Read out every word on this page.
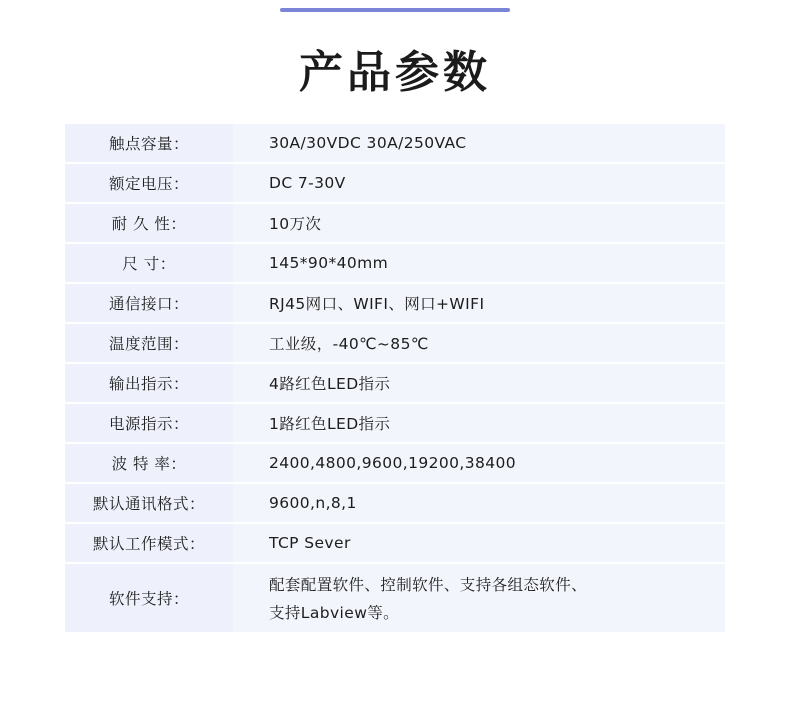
产品参数
触点容量：	30A/30VDC 30A/250VAC
额定电压：	DC 7-30V
耐 久 性：	10万次
尺 寸：	145*90*40mm
通信接口：	RJ45网口、WIFI、网口+WIFI
温度范围：	工业级，-40℃~85℃
输出指示：	4路红色LED指示
电源指示：	1路红色LED指示
波 特 率：	2400,4800,9600,19200,38400
默认通讯格式：	9600,n,8,1
默认工作模式：	TCP Sever
软件支持：	配套配置软件、控制软件、支持各组态软件、
支持Labview等。
